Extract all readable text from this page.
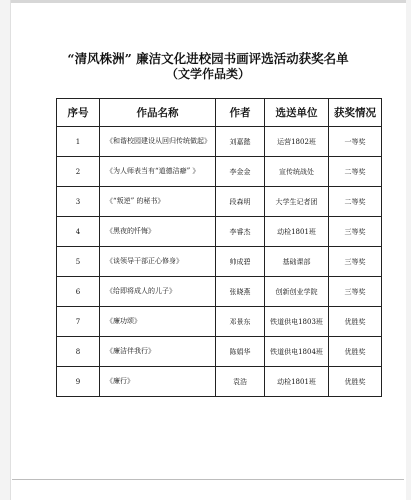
“清风株洲” 廉洁文化进校园书画评选活动获奖名单
（文学作品类）
序号	作品名称	作者	选送单位	获奖情况
1	《和谐校园建设从回归传统做起》	刘嘉懿	运营1802班	一等奖
2	《为人师表当有“道德洁癖” 》	李金金	宣传统战处	二等奖
3	《“叛逆” 的秘书》	段森明	大学生记者团	二等奖
4	《黑夜的忏悔》	李睿杰	动检1801班	三等奖
5	《谈领导干部正心修身》	帅成碧	基础课部	三等奖
6	《给即将成人的儿子》	张晓燕	创新创业学院	三等奖
7	《廉功颂》	邓景东	铁道供电1803班	优胜奖
8	《廉洁伴我行》	陈娟华	铁道供电1804班	优胜奖
9	《廉行》	袁浩	动检1801班	优胜奖
